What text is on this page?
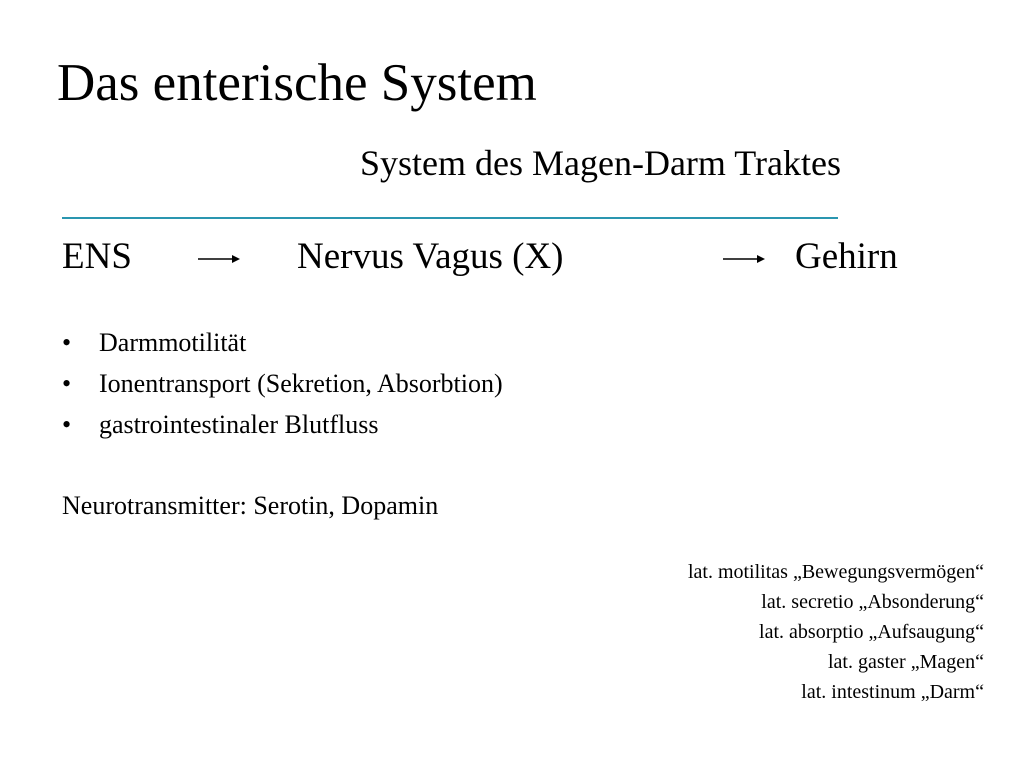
Das enterische System
System des Magen-Darm Traktes
ENS	Nervus Vagus (X)	Gehirn
• Darmmotilität
• Ionentransport (Sekretion, Absorbtion)
• gastrointestinaler Blutfluss
Neurotransmitter: Serotin, Dopamin
lat. motilitas „Bewegungsvermögen“
lat. secretio „Absonderung“
lat. absorptio „Aufsaugung“
lat. gaster „Magen“
lat. intestinum „Darm“
